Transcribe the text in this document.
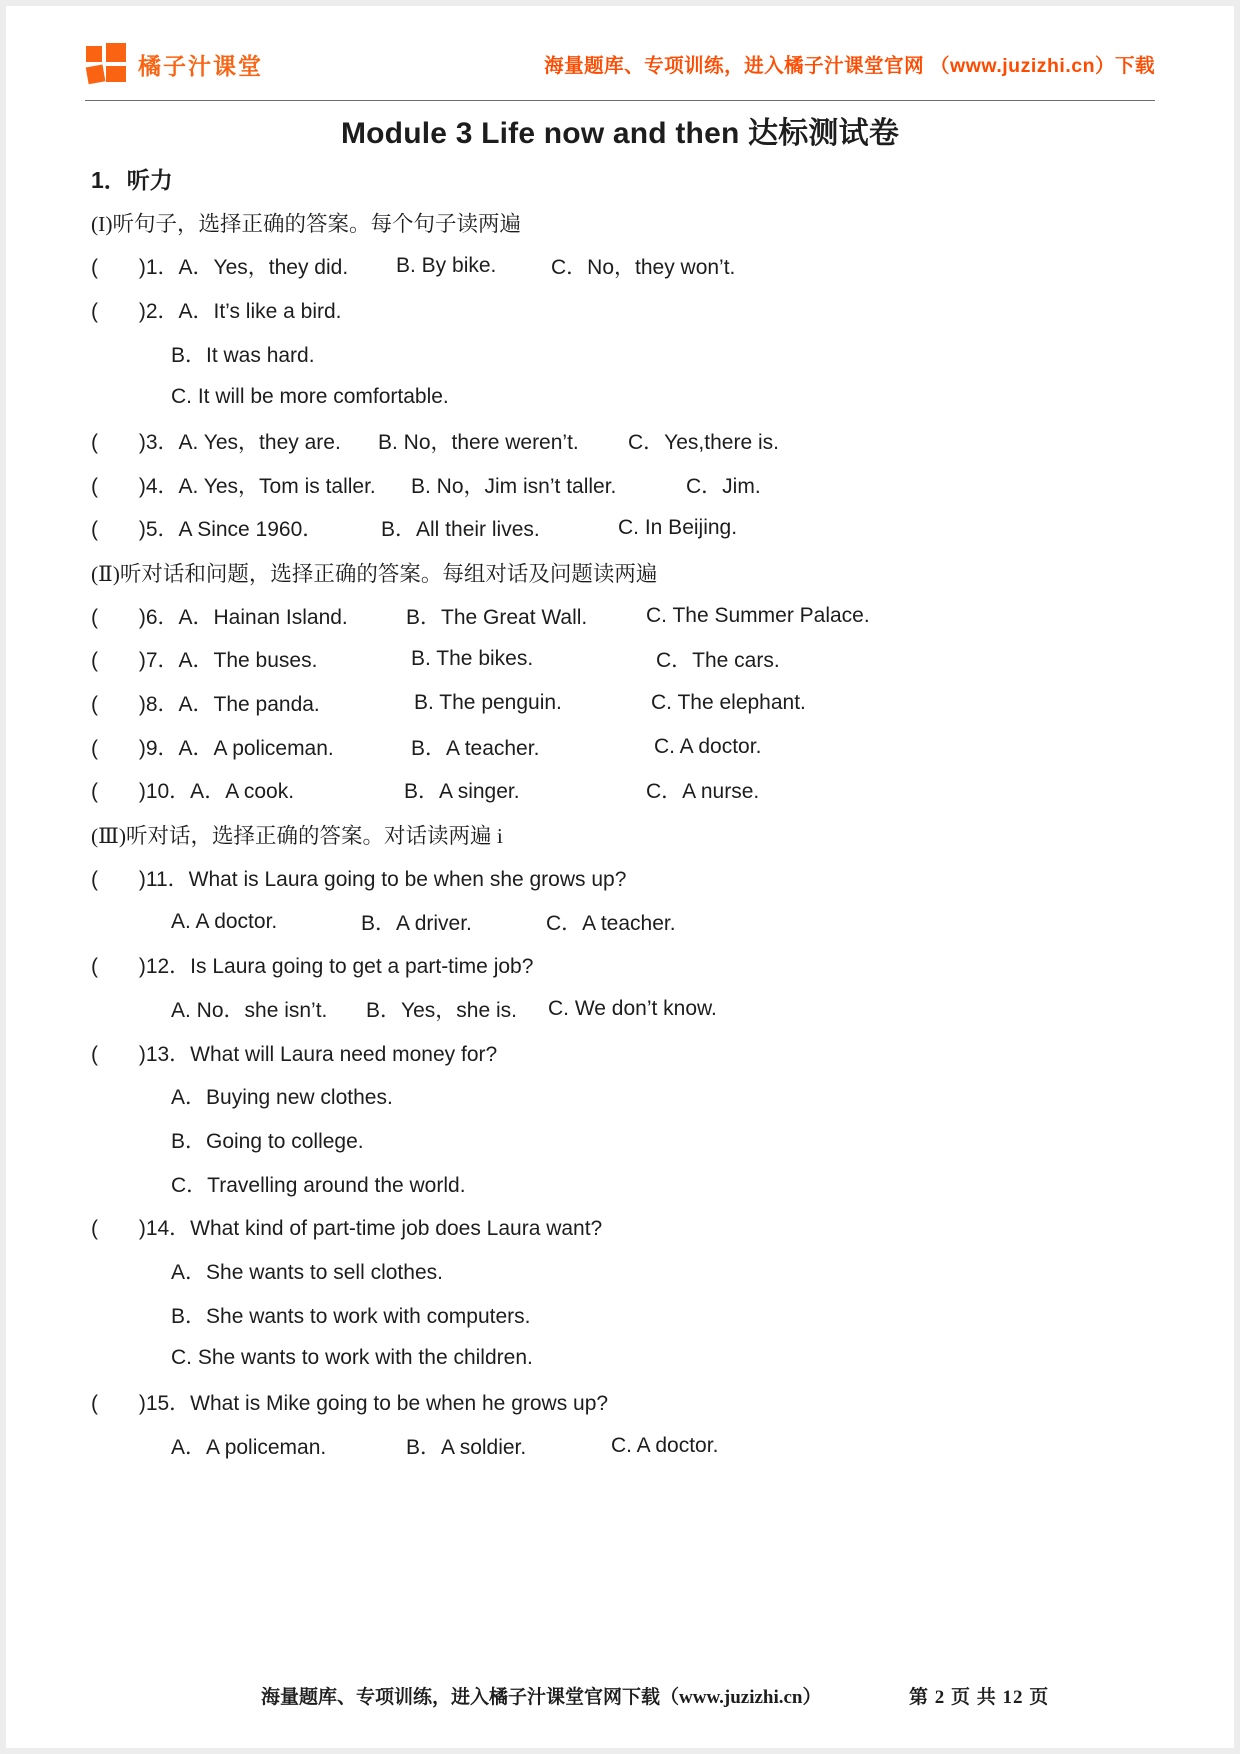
橘子汁课堂	海量题库、专项训练，进入橘子汁课堂官网 （www.juzizhi.cn）下载
Module 3 Life now and then 达标测试卷
1．听力
(I)听句子，选择正确的答案。每个句子读两遍
(       )1．A．Yes，they did.	B. By bike.	C．No，they won’t.
(       )2．A．It’s like a bird.
B．It was hard.
C. It will be more comfortable.
(       )3．A. Yes，they are.	B. No，there weren’t.	C．Yes,there is.
(       )4．A. Yes，Tom is taller.	B. No，Jim isn’t taller.	C．Jim.
(       )5．A Since 1960．	B．All their lives.	C. In Beijing.
(Ⅱ)听对话和问题，选择正确的答案。每组对话及问题读两遍
(       )6．A．Hainan Island.	B．The Great Wall.	C. The Summer Palace.
(       )7．A．The buses.	B. The bikes.	C．The cars.
(       )8．A．The panda.	B. The penguin.	C. The elephant.
(       )9．A．A policeman.	B．A teacher.	C. A doctor.
(       )10．A．A cook.	B．A singer.	C．A nurse.
(Ⅲ)听对话，选择正确的答案。对话读两遍 i
(       )11．What is Laura going to be when she grows up?
A. A doctor.	B．A driver.	C．A teacher.
(       )12．Is Laura going to get a part-time job?
A. No．she isn’t.	B．Yes，she is.	C. We don’t know.
(       )13．What will Laura need money for?
A．Buying new clothes.
B．Going to college.
C．Travelling around the world.
(       )14．What kind of part-time job does Laura want?
A．She wants to sell clothes.
B．She wants to work with computers.
C. She wants to work with the children.
(       )15．What is Mike going to be when he grows up?
A．A policeman.	B．A soldier.	C. A doctor.
海量题库、专项训练，进入橘子汁课堂官网下载（www.juzizhi.cn）	第 2 页 共 12 页
